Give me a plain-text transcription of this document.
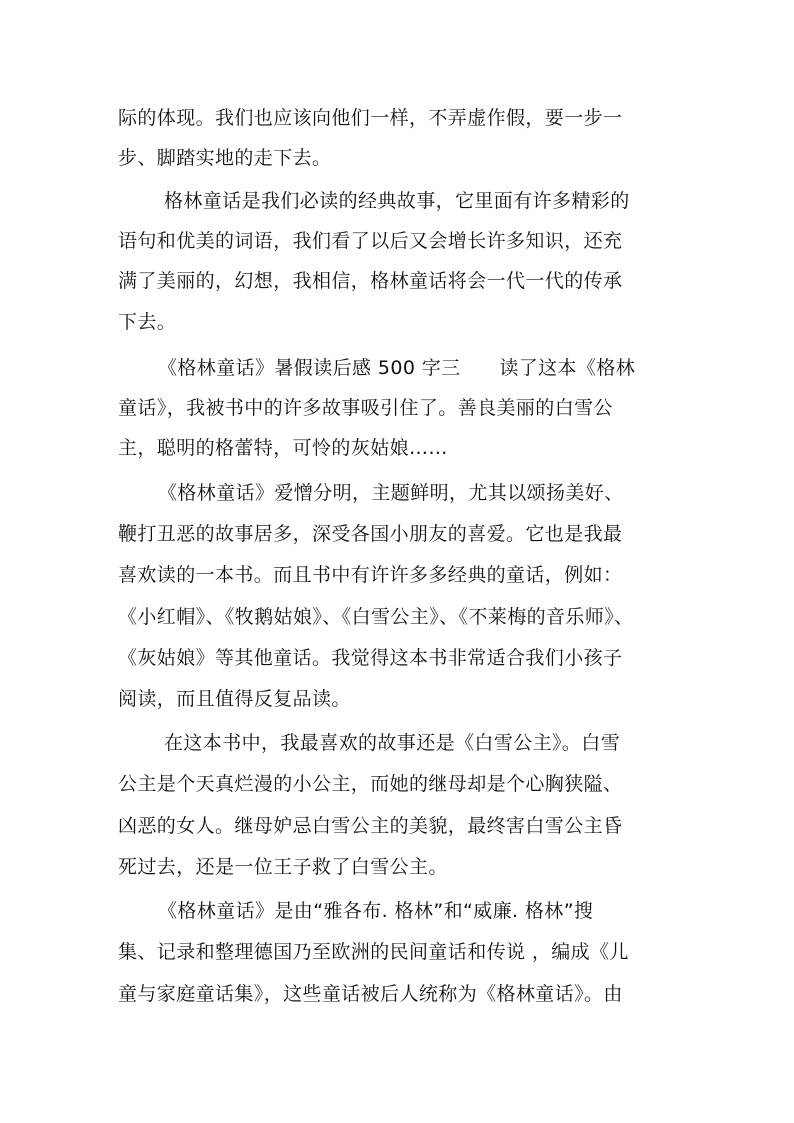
际的体现。我们也应该向他们一样，不弄虚作假，要一步一
步、脚踏实地的走下去。
格林童话是我们必读的经典故事，它里面有许多精彩的
语句和优美的词语，我们看了以后又会增长许多知识，还充
满了美丽的，幻想，我相信，格林童话将会一代一代的传承
下去。
《格林童话》暑假读后感 500 字三　　读了这本《格林
童话》，我被书中的许多故事吸引住了。善良美丽的白雪公
主，聪明的格蕾特，可怜的灰姑娘……
《格林童话》爱憎分明，主题鲜明，尤其以颂扬美好、
鞭打丑恶的故事居多，深受各国小朋友的喜爱。它也是我最
喜欢读的一本书。而且书中有许许多多经典的童话，例如：
《小红帽》、《牧鹅姑娘》、《白雪公主》、《不莱梅的音乐师》、
《灰姑娘》等其他童话。我觉得这本书非常适合我们小孩子
阅读，而且值得反复品读。
在这本书中，我最喜欢的故事还是《白雪公主》。白雪
公主是个天真烂漫的小公主，而她的继母却是个心胸狭隘、
凶恶的女人。继母妒忌白雪公主的美貌，最终害白雪公主昏
死过去，还是一位王子救了白雪公主。
《格林童话》是由“雅各布. 格林”和“威廉. 格林”搜
集、记录和整理德国乃至欧洲的民间童话和传说 ，编成《儿
童与家庭童话集》，这些童话被后人统称为《格林童话》。由
